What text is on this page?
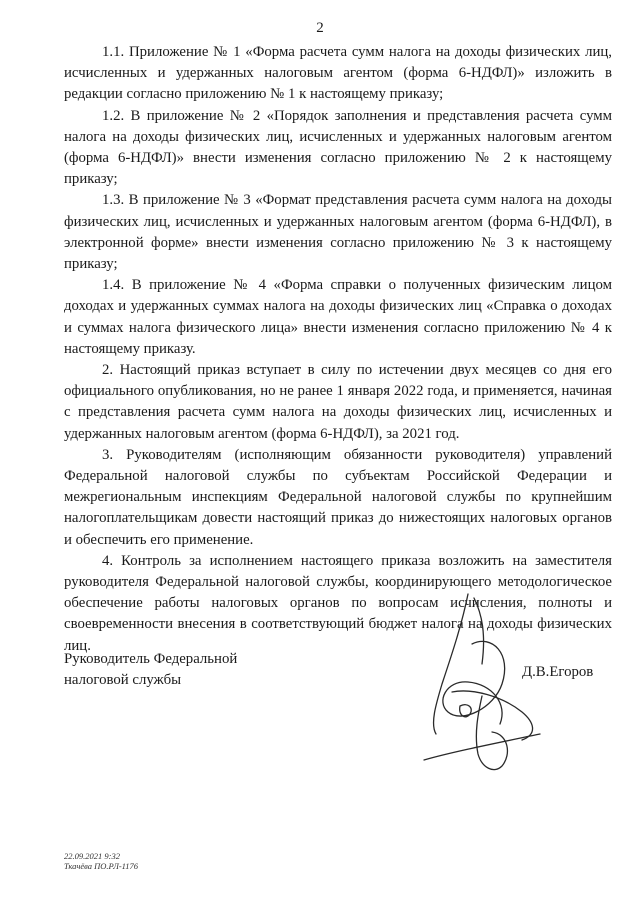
2

1.1. Приложение № 1 «Форма расчета сумм налога на доходы физических лиц, исчисленных и удержанных налоговым агентом (форма 6-НДФЛ)» изложить в редакции согласно приложению № 1 к настоящему приказу;

1.2. В приложение № 2 «Порядок заполнения и представления расчета сумм налога на доходы физических лиц, исчисленных и удержанных налоговым агентом (форма 6-НДФЛ)» внести изменения согласно приложению № 2 к настоящему приказу;

1.3. В приложение № 3 «Формат представления расчета сумм налога на доходы физических лиц, исчисленных и удержанных налоговым агентом (форма 6-НДФЛ), в электронной форме» внести изменения согласно приложению № 3 к настоящему приказу;

1.4. В приложение № 4 «Форма справки о полученных физическим лицом доходах и удержанных суммах налога на доходы физических лиц «Справка о доходах и суммах налога физического лица» внести изменения согласно приложению № 4 к настоящему приказу.

2. Настоящий приказ вступает в силу по истечении двух месяцев со дня его официального опубликования, но не ранее 1 января 2022 года, и применяется, начиная с представления расчета сумм налога на доходы физических лиц, исчисленных и удержанных налоговым агентом (форма 6-НДФЛ), за 2021 год.

3. Руководителям (исполняющим обязанности руководителя) управлений Федеральной налоговой службы по субъектам Российской Федерации и межрегиональным инспекциям Федеральной налоговой службы по крупнейшим налогоплательщикам довести настоящий приказ до нижестоящих налоговых органов и обеспечить его применение.

4. Контроль за исполнением настоящего приказа возложить на заместителя руководителя Федеральной налоговой службы, координирующего методологическое обеспечение работы налоговых органов по вопросам исчисления, полноты и своевременности внесения в соответствующий бюджет налога на доходы физических лиц.

Руководитель Федеральной
налоговой службы	Д.В.Егоров
22.09.2021 9:32
Ткачёва ПО.РЛ-1176
